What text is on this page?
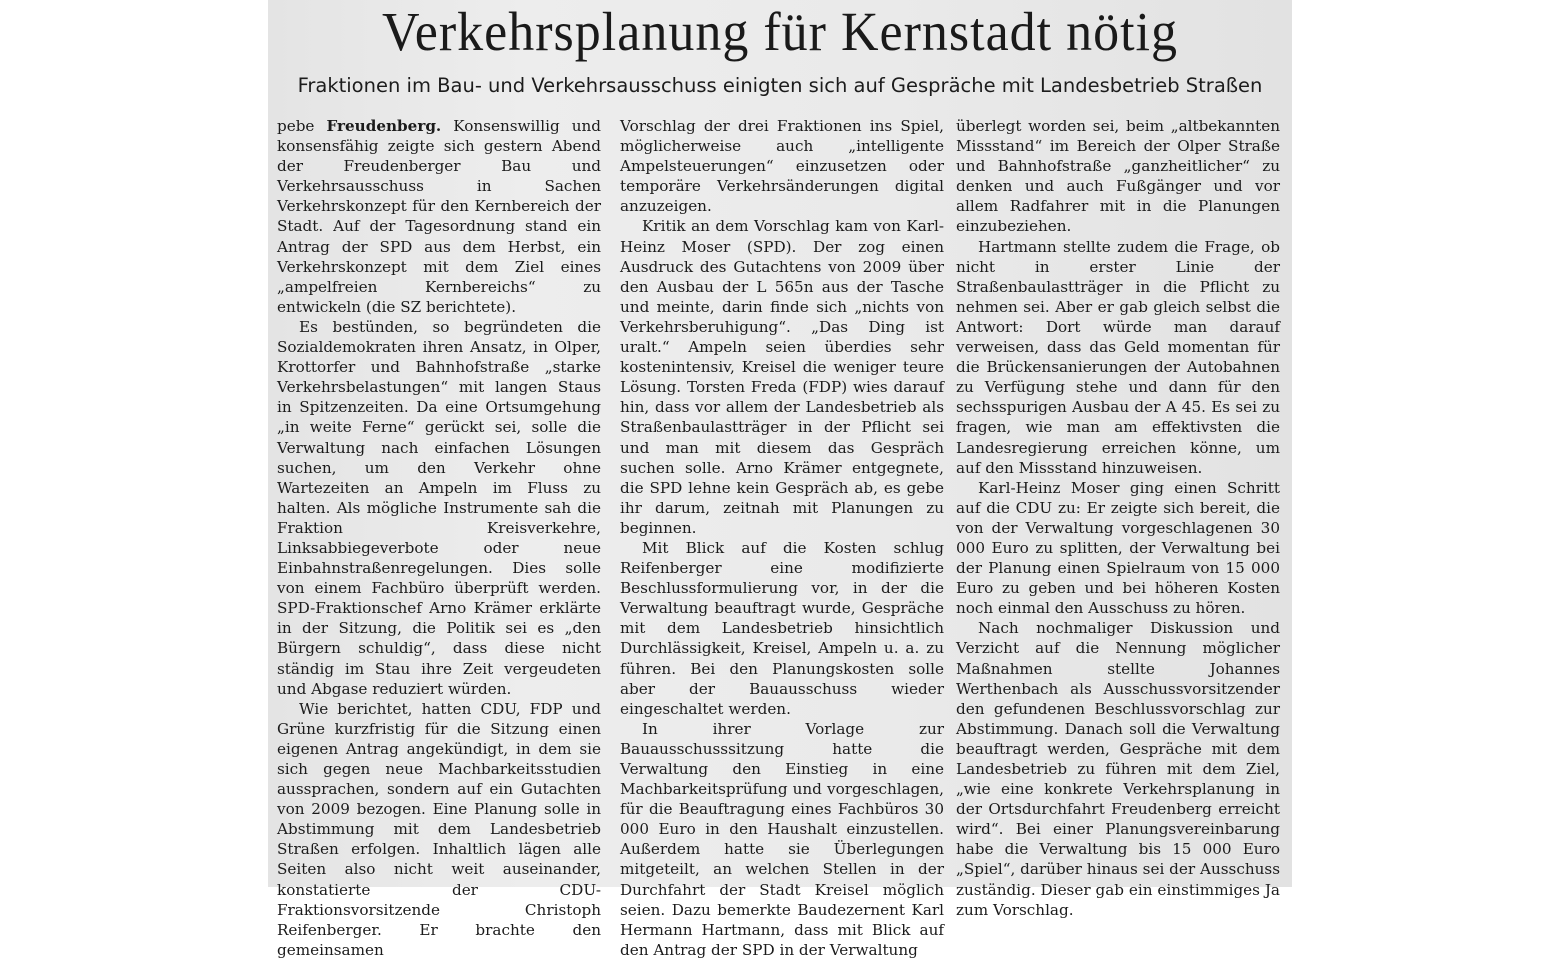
Verkehrsplanung für Kernstadt nötig
Fraktionen im Bau- und Verkehrsausschuss einigten sich auf Gespräche mit Landesbetrieb Straßen

pebe Freudenberg. Konsenswillig und konsensfähig zeigte sich gestern Abend der Freudenberger Bau und Verkehrsausschuss in Sachen Verkehrskonzept für den Kernbereich der Stadt. Auf der Tagesordnung stand ein Antrag der SPD aus dem Herbst, ein Verkehrskonzept mit dem Ziel eines „ampelfreien Kernbereichs“ zu entwickeln (die SZ berichtete).

Es bestünden, so begründeten die Sozialdemokraten ihren Ansatz, in Olper, Krottorfer und Bahnhofstraße „starke Verkehrsbelastungen“ mit langen Staus in Spitzenzeiten. Da eine Ortsumgehung „in weite Ferne“ gerückt sei, solle die Verwaltung nach einfachen Lösungen suchen, um den Verkehr ohne Wartezeiten an Ampeln im Fluss zu halten. Als mögliche Instrumente sah die Fraktion Kreisverkehre, Linksabbiegeverbote oder neue Einbahnstraßenregelungen. Dies solle von einem Fachbüro überprüft werden. SPD-Fraktionschef Arno Krämer erklärte in der Sitzung, die Politik sei es „den Bürgern schuldig“, dass diese nicht ständig im Stau ihre Zeit vergeudeten und Abgase reduziert würden.

Wie berichtet, hatten CDU, FDP und Grüne kurzfristig für die Sitzung einen eigenen Antrag angekündigt, in dem sie sich gegen neue Machbarkeitsstudien aussprachen, sondern auf ein Gutachten von 2009 bezogen. Eine Planung solle in Abstimmung mit dem Landesbetrieb Straßen erfolgen. Inhaltlich lägen alle Seiten also nicht weit auseinander, konstatierte der CDU-Fraktionsvorsitzende Christoph Reifenberger. Er brachte den gemeinsamen

Vorschlag der drei Fraktionen ins Spiel, möglicherweise auch „intelligente Ampelsteuerungen“ einzusetzen oder temporäre Verkehrsänderungen digital anzuzeigen.

Kritik an dem Vorschlag kam von Karl-Heinz Moser (SPD). Der zog einen Ausdruck des Gutachtens von 2009 über den Ausbau der L 565n aus der Tasche und meinte, darin finde sich „nichts von Verkehrsberuhigung“. „Das Ding ist uralt.“ Ampeln seien überdies sehr kostenintensiv, Kreisel die weniger teure Lösung. Torsten Freda (FDP) wies darauf hin, dass vor allem der Landesbetrieb als Straßenbaulastträger in der Pflicht sei und man mit diesem das Gespräch suchen solle. Arno Krämer entgegnete, die SPD lehne kein Gespräch ab, es gebe ihr darum, zeitnah mit Planungen zu beginnen.

Mit Blick auf die Kosten schlug Reifenberger eine modifizierte Beschlussformulierung vor, in der die Verwaltung beauftragt wurde, Gespräche mit dem Landesbetrieb hinsichtlich Durchlässigkeit, Kreisel, Ampeln u. a. zu führen. Bei den Planungskosten solle aber der Bauausschuss wieder eingeschaltet werden.

In ihrer Vorlage zur Bauausschusssitzung hatte die Verwaltung den Einstieg in eine Machbarkeitsprüfung und vorgeschlagen, für die Beauftragung eines Fachbüros 30 000 Euro in den Haushalt einzustellen. Außerdem hatte sie Überlegungen mitgeteilt, an welchen Stellen in der Durchfahrt der Stadt Kreisel möglich seien. Dazu bemerkte Baudezernent Karl Hermann Hartmann, dass mit Blick auf den Antrag der SPD in der Verwaltung

überlegt worden sei, beim „altbekannten Missstand“ im Bereich der Olper Straße und Bahnhofstraße „ganzheitlicher“ zu denken und auch Fußgänger und vor allem Radfahrer mit in die Planungen einzubeziehen.

Hartmann stellte zudem die Frage, ob nicht in erster Linie der Straßenbaulastträger in die Pflicht zu nehmen sei. Aber er gab gleich selbst die Antwort: Dort würde man darauf verweisen, dass das Geld momentan für die Brückensanierungen der Autobahnen zu Verfügung stehe und dann für den sechsspurigen Ausbau der A 45. Es sei zu fragen, wie man am effektivsten die Landesregierung erreichen könne, um auf den Missstand hinzuweisen.

Karl-Heinz Moser ging einen Schritt auf die CDU zu: Er zeigte sich bereit, die von der Verwaltung vorgeschlagenen 30 000 Euro zu splitten, der Verwaltung bei der Planung einen Spielraum von 15 000 Euro zu geben und bei höheren Kosten noch einmal den Ausschuss zu hören.

Nach nochmaliger Diskussion und Verzicht auf die Nennung möglicher Maßnahmen stellte Johannes Werthenbach als Ausschussvorsitzender den gefundenen Beschlussvorschlag zur Abstimmung. Danach soll die Verwaltung beauftragt werden, Gespräche mit dem Landesbetrieb zu führen mit dem Ziel, „wie eine konkrete Verkehrsplanung in der Ortsdurchfahrt Freudenberg erreicht wird“. Bei einer Planungsvereinbarung habe die Verwaltung bis 15 000 Euro „Spiel“, darüber hinaus sei der Ausschuss zuständig. Dieser gab ein einstimmiges Ja zum Vorschlag.
